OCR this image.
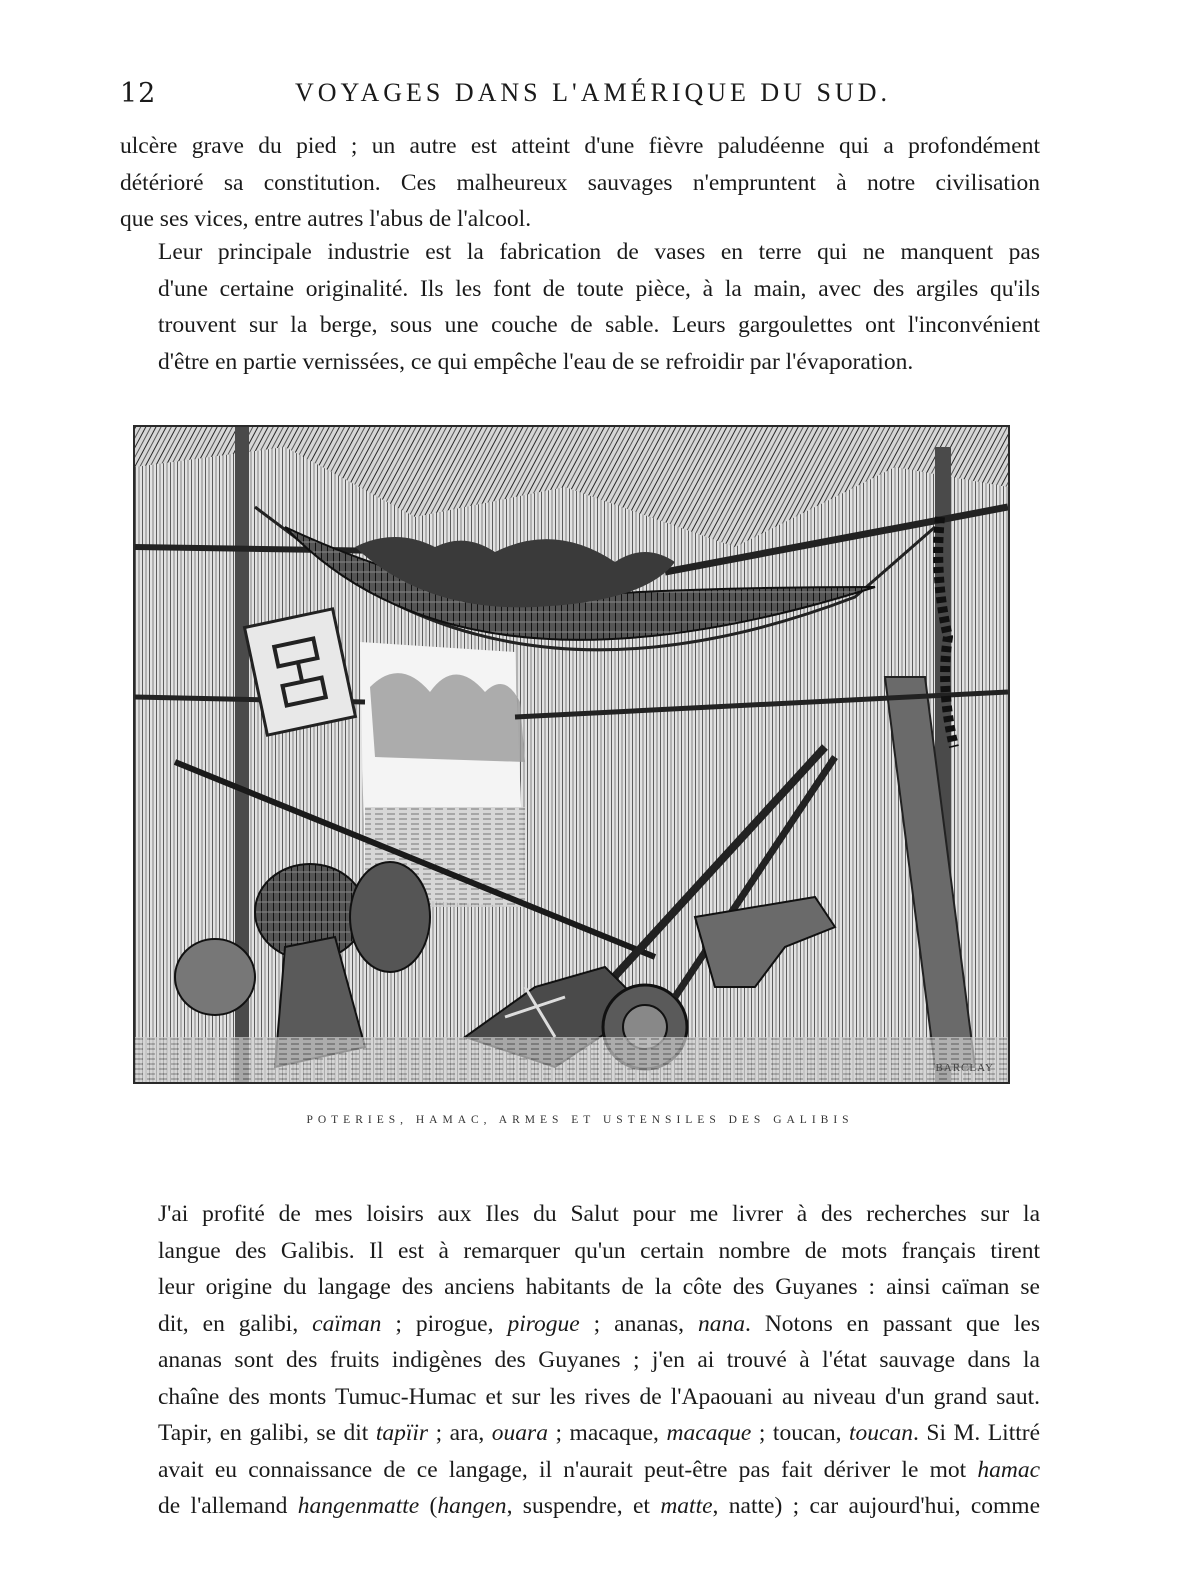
12	VOYAGES DANS L'AMÉRIQUE DU SUD.

ulcère grave du pied ; un autre est atteint d'une fièvre paludéenne qui a profondément
détérioré sa constitution. Ces malheureux sauvages n'empruntent à notre civilisation
que ses vices, entre autres l'abus de l'alcool.

Leur principale industrie est la fabrication de vases en terre qui ne manquent pas
d'une certaine originalité. Ils les font de toute pièce, à la main, avec des argiles qu'ils
trouvent sur la berge, sous une couche de sable. Leurs gargoulettes ont l'inconvénient
d'être en partie vernissées, ce qui empêche l'eau de se refroidir par l'évaporation.

BARCLAY
POTERIES, HAMAC, ARMES ET USTENSILES DES GALIBIS

J'ai profité de mes loisirs aux Iles du Salut pour me livrer à des recherches sur la
langue des Galibis. Il est à remarquer qu'un certain nombre de mots français tirent
leur origine du langage des anciens habitants de la côte des Guyanes : ainsi caïman se
dit, en galibi, caïman ; pirogue, pirogue ; ananas, nana. Notons en passant que les
ananas sont des fruits indigènes des Guyanes ; j'en ai trouvé à l'état sauvage dans la
chaîne des monts Tumuc-Humac et sur les rives de l'Apaouani au niveau d'un grand saut.
Tapir, en galibi, se dit tapïir ; ara, ouara ; macaque, macaque ; toucan, toucan. Si M. Littré
avait eu connaissance de ce langage, il n'aurait peut-être pas fait dériver le mot hamac
de l'allemand hangenmatte (hangen, suspendre, et matte, natte) ; car aujourd'hui, comme
